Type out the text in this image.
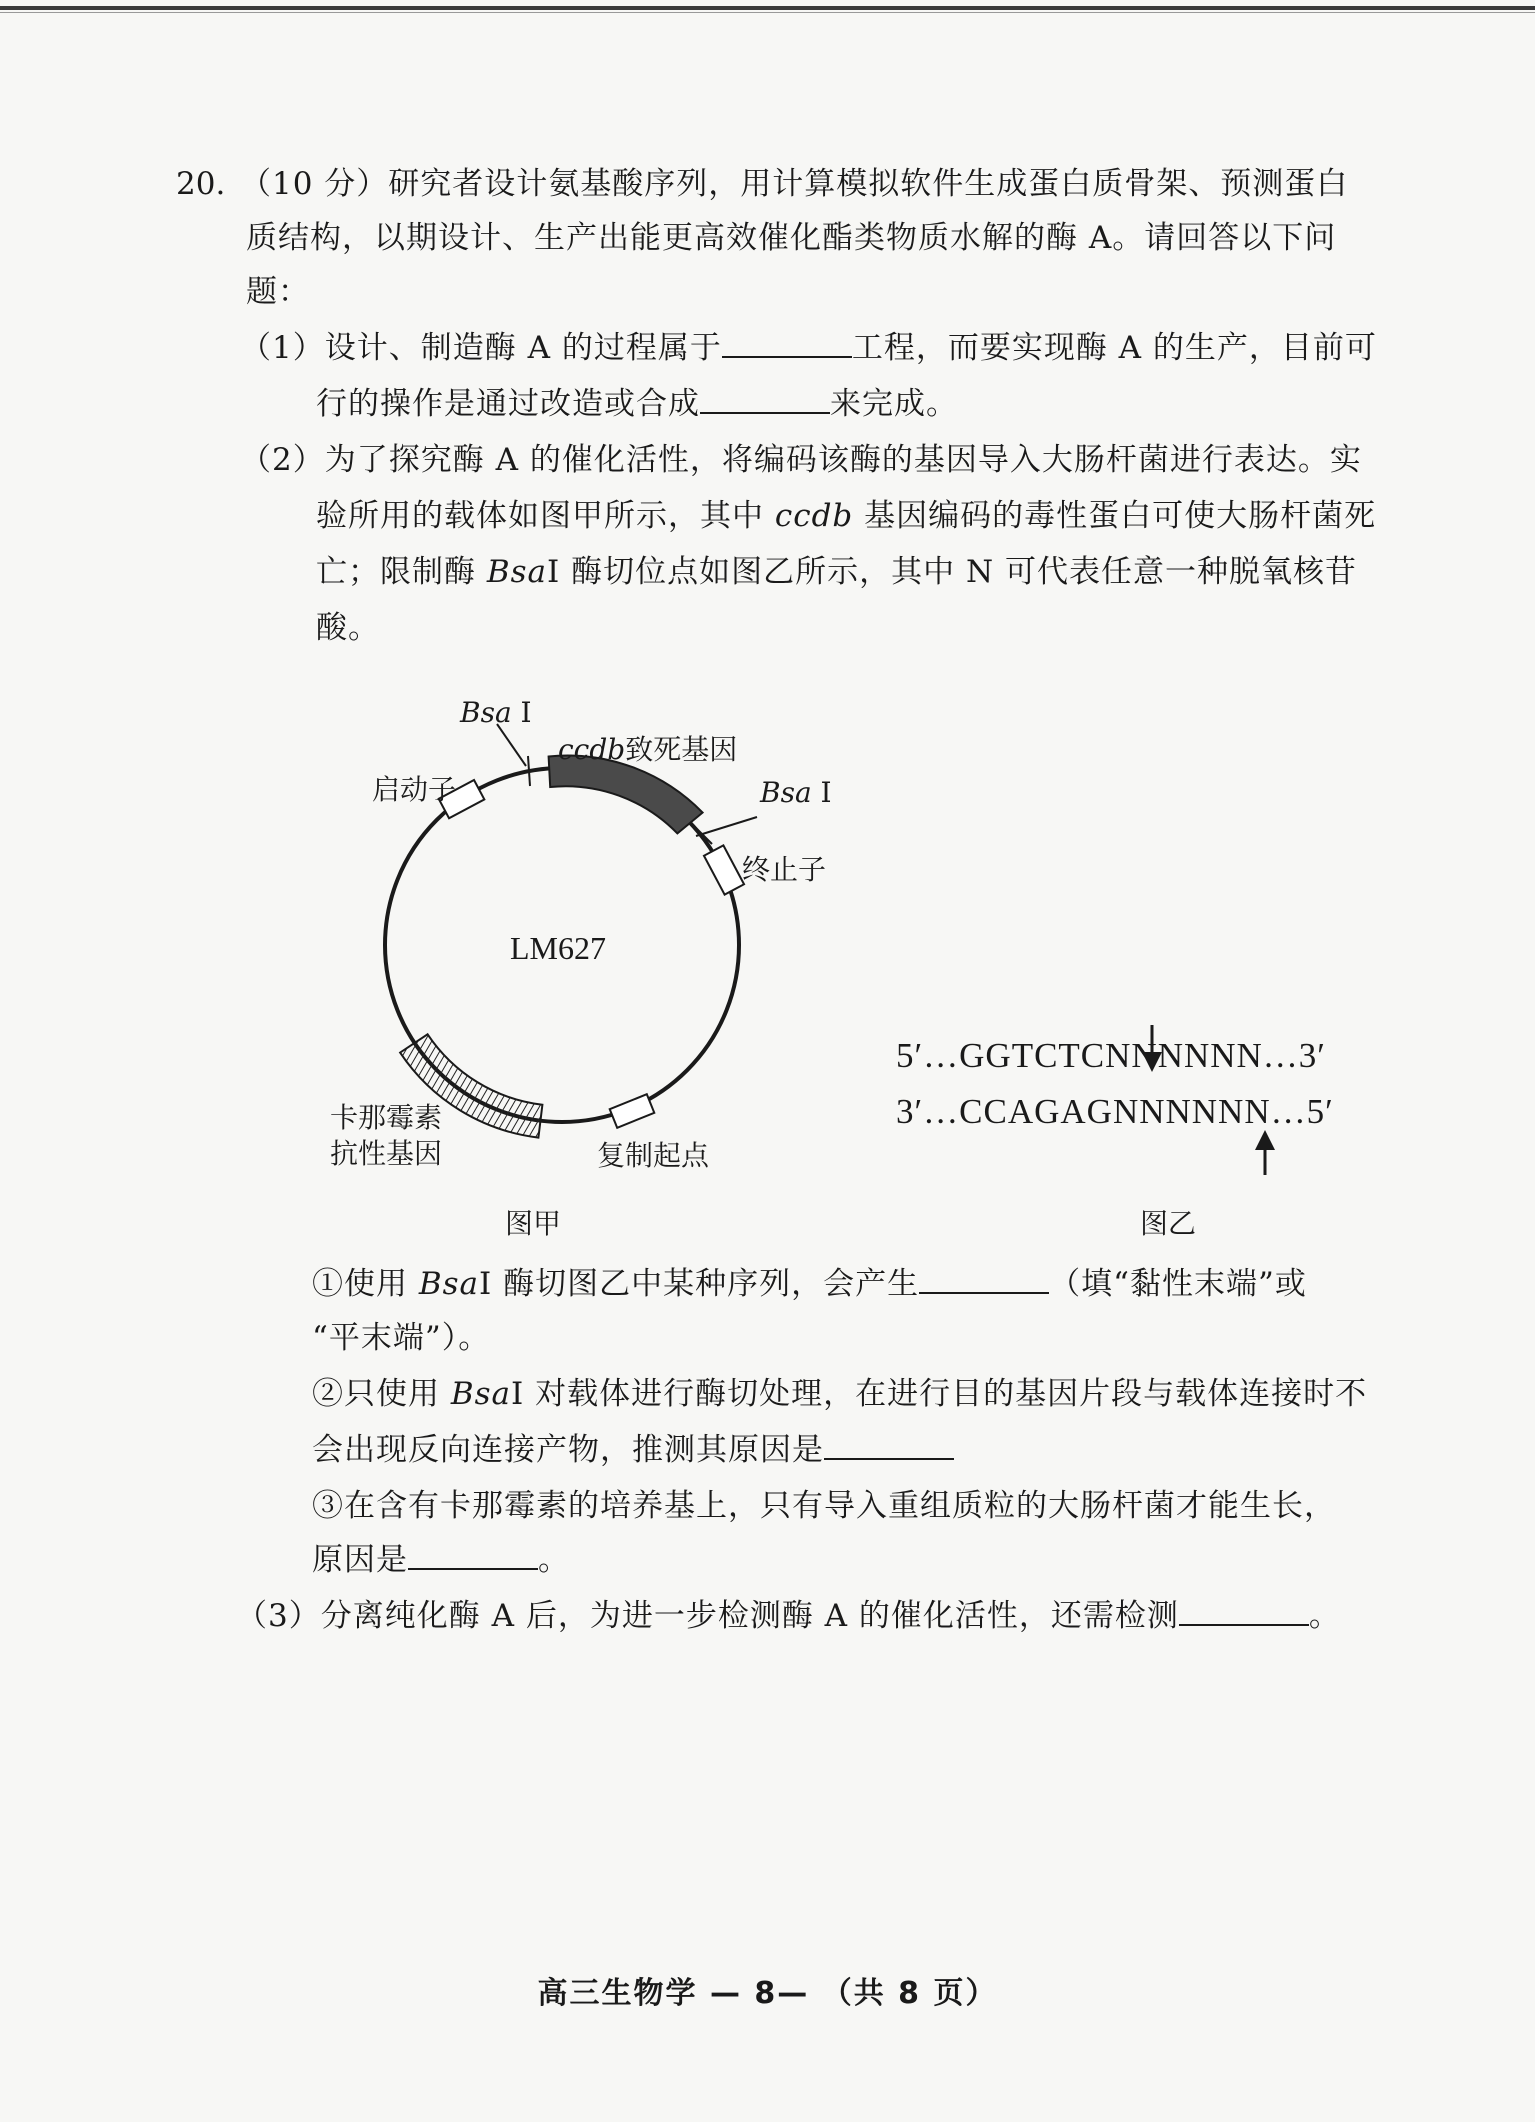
20. （10 分）研究者设计氨基酸序列，用计算模拟软件生成蛋白质骨架、预测蛋白
质结构，以期设计、生产出能更高效催化酯类物质水解的酶 A。请回答以下问
题：
（1）设计、制造酶 A 的过程属于	工程，而要实现酶 A 的生产，目前可
行的操作是通过改造或合成	来完成。
（2）为了探究酶 A 的催化活性，将编码该酶的基因导入大肠杆菌进行表达。实
验所用的载体如图甲所示，其中 ccdb 基因编码的毒性蛋白可使大肠杆菌死
亡；限制酶 BsaI 酶切位点如图乙所示，其中 N 可代表任意一种脱氧核苷
酸。
Bsa I
ccdb致死基因
Bsa I
启动子
终止子
LM627
卡那霉素
抗性基因	复制起点
图甲
5′…GGTCTCNNNNNN…3′
3′…CCAGAGNNNNNN…5′
图乙
①使用 BsaI 酶切图乙中某种序列，会产生	（填“黏性末端”或
“平末端”）。
②只使用 BsaI 对载体进行酶切处理，在进行目的基因片段与载体连接时不
会出现反向连接产物，推测其原因是
③在含有卡那霉素的培养基上，只有导入重组质粒的大肠杆菌才能生长，
原因是	。
（3）分离纯化酶 A 后，为进一步检测酶 A 的催化活性，还需检测	。
高三生物学 — 8— （共 8 页）
